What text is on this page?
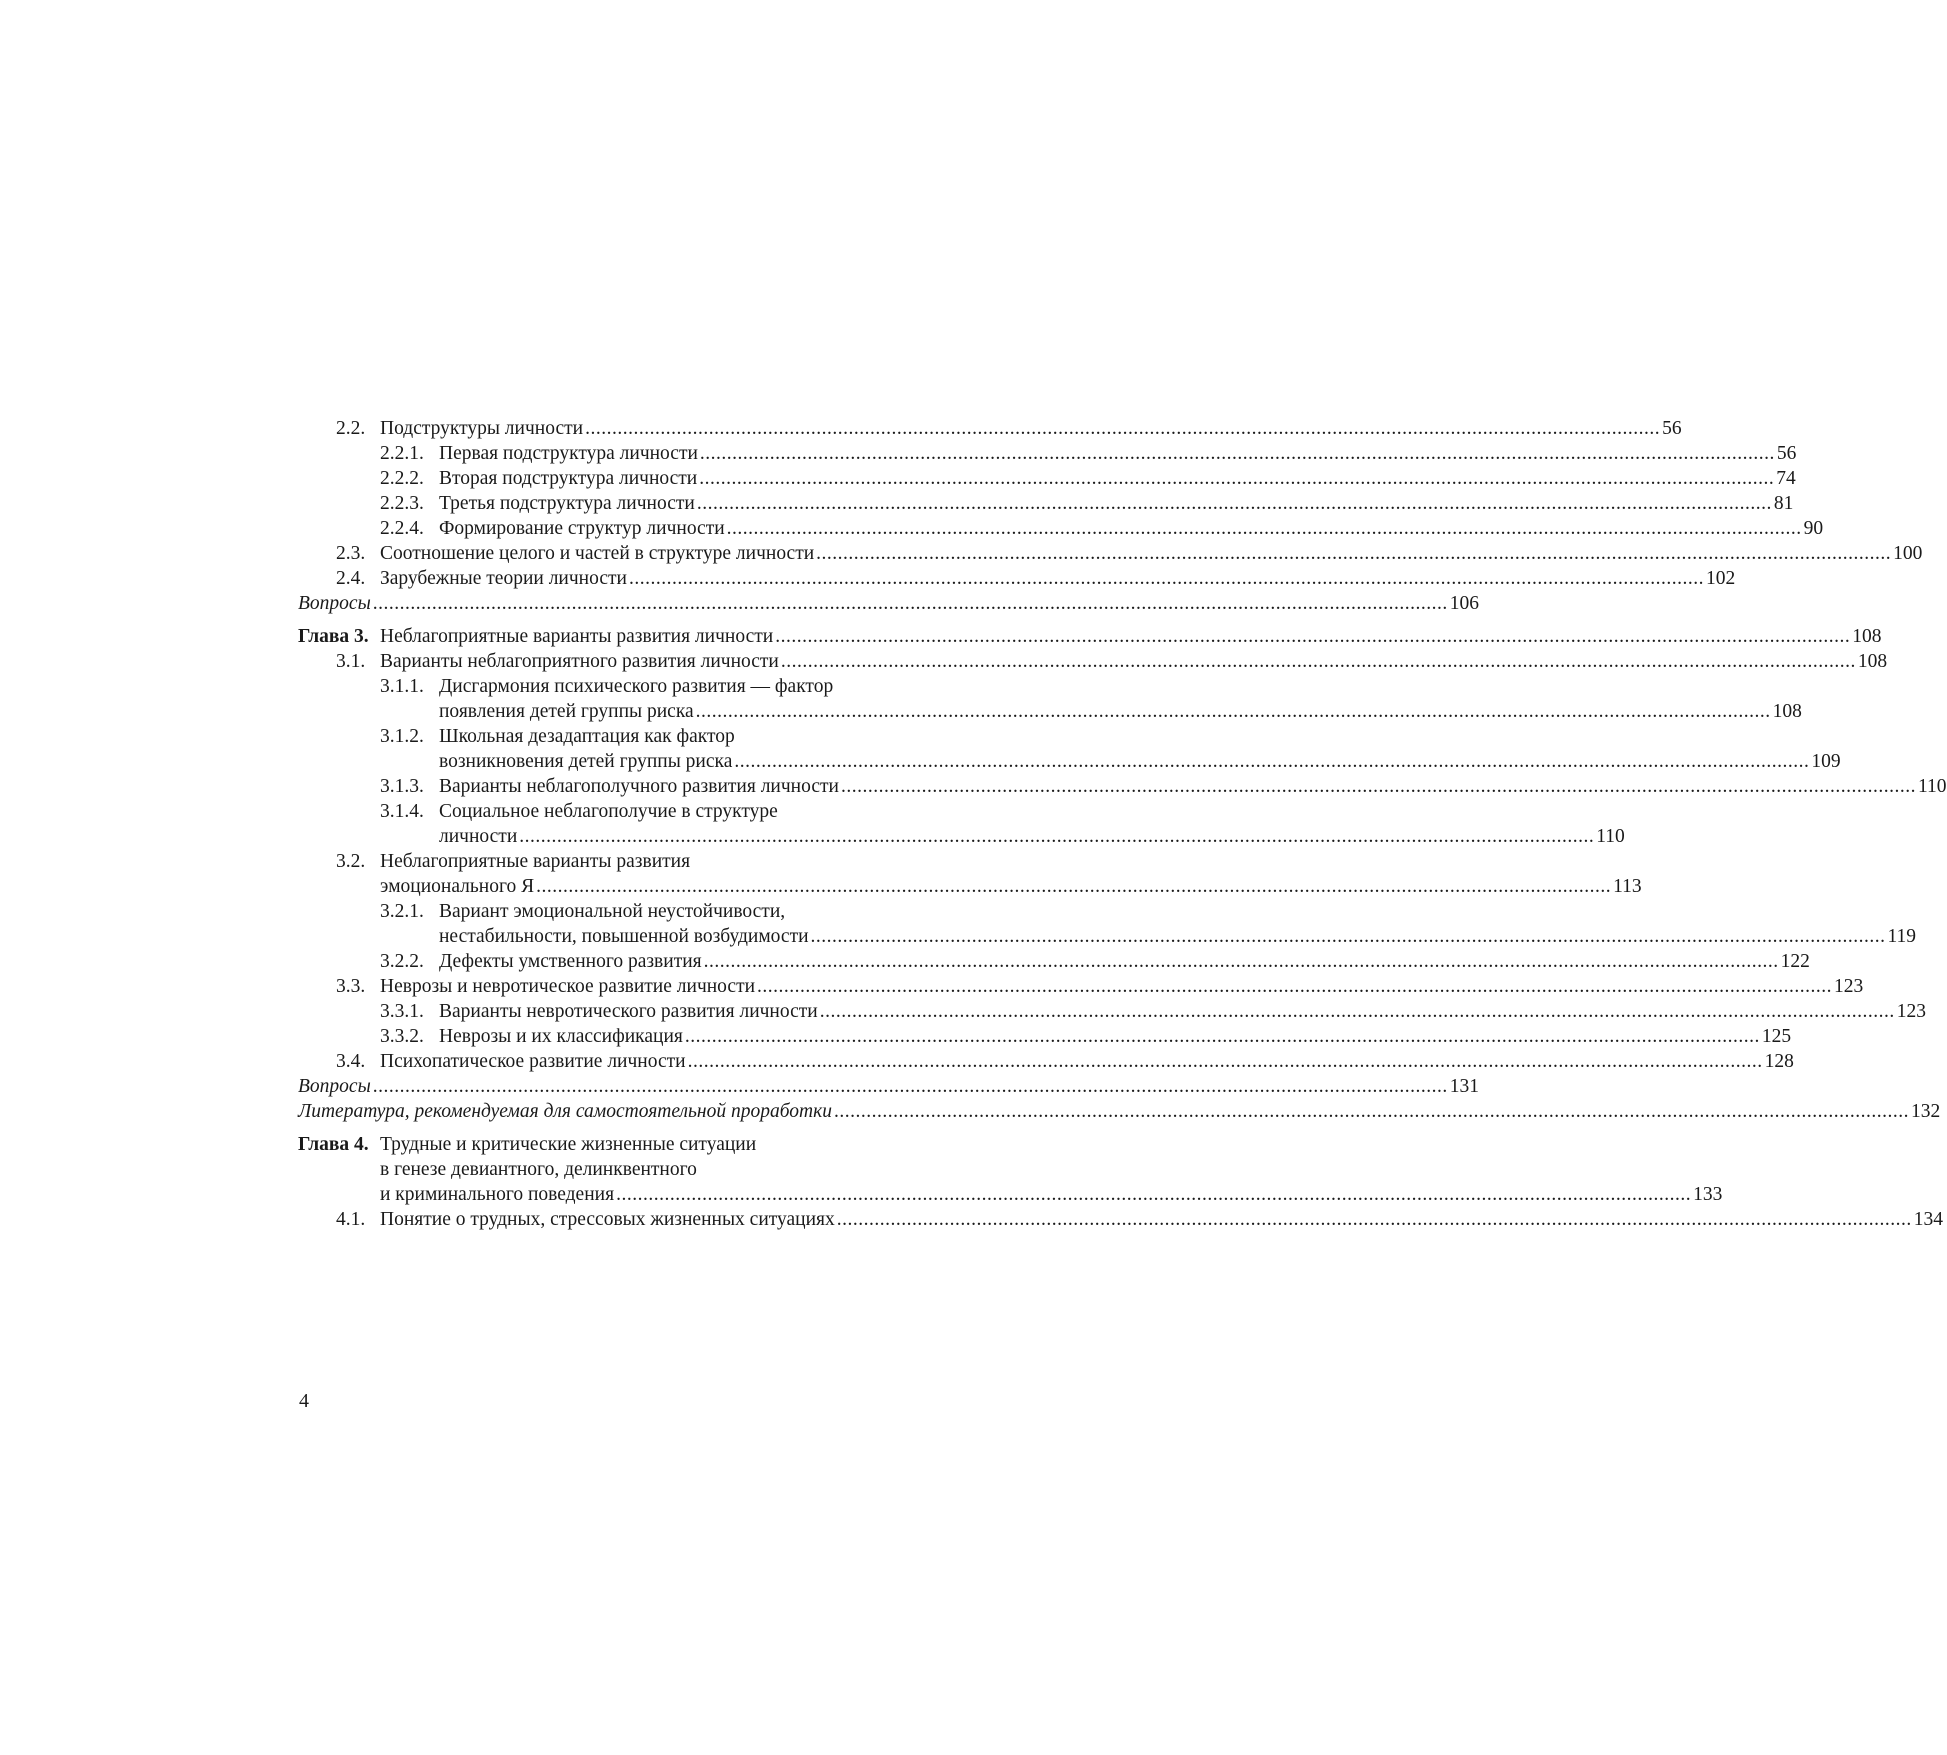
2.2. Подструктуры личности ........................................................................................................................................................................................................ 56
2.2.1. Первая подструктура личности ........................................................................................................................................................................................................ 56
2.2.2. Вторая подструктура личности ........................................................................................................................................................................................................ 74
2.2.3. Третья подструктура личности ........................................................................................................................................................................................................ 81
2.2.4. Формирование структур личности ........................................................................................................................................................................................................ 90
2.3. Соотношение целого и частей в структуре личности ........................................................................................................................................................................................................ 100
2.4. Зарубежные теории личности ........................................................................................................................................................................................................ 102
Вопросы ........................................................................................................................................................................................................ 106
Глава 3. Неблагоприятные варианты развития личности ........................................................................................................................................................................................................ 108
3.1. Варианты неблагоприятного развития личности ........................................................................................................................................................................................................ 108
3.1.1. Дисгармония психического развития — фактор
появления детей группы риска ........................................................................................................................................................................................................ 108
3.1.2. Школьная дезадаптация как фактор
возникновения детей группы риска ........................................................................................................................................................................................................ 109
3.1.3. Варианты неблагополучного развития личности ........................................................................................................................................................................................................ 110
3.1.4. Социальное неблагополучие в структуре
личности ........................................................................................................................................................................................................ 110
3.2. Неблагоприятные варианты развития
эмоционального Я ........................................................................................................................................................................................................ 113
3.2.1. Вариант эмоциональной неустойчивости,
нестабильности, повышенной возбудимости ........................................................................................................................................................................................................ 119
3.2.2. Дефекты умственного развития ........................................................................................................................................................................................................ 122
3.3. Неврозы и невротическое развитие личности ........................................................................................................................................................................................................ 123
3.3.1. Варианты невротического развития личности ........................................................................................................................................................................................................ 123
3.3.2. Неврозы и их классификация ........................................................................................................................................................................................................ 125
3.4. Психопатическое развитие личности ........................................................................................................................................................................................................ 128
Вопросы ........................................................................................................................................................................................................ 131
Литература, рекомендуемая для самостоятельной проработки ........................................................................................................................................................................................................ 132
Глава 4. Трудные и критические жизненные ситуации
в генезе девиантного, делинквентного
и криминального поведения ........................................................................................................................................................................................................ 133
4.1. Понятие о трудных, стрессовых жизненных ситуациях ........................................................................................................................................................................................................ 134
4
